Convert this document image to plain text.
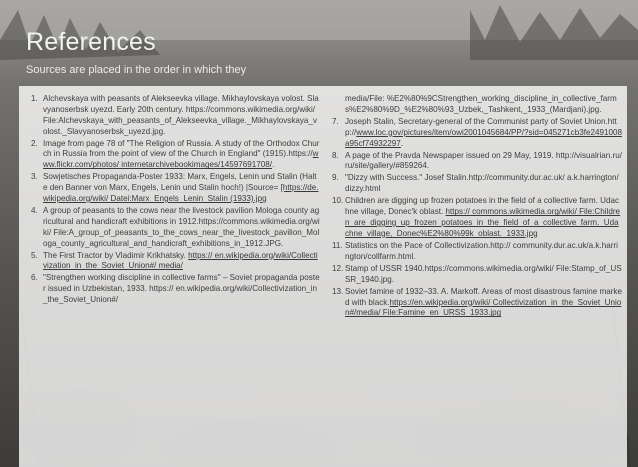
References

Sources are placed in the order in which they

1. Alchevskaya with peasants of Alekseevka village. Mikhaylovskaya volost. Slavyanoserbsk uyezd. Early 20th century. https://commons.wikimedia.org/wiki/ File:Alchevskaya_with_peasants_of_Alekseevka_village._Mikhaylovskaya_volost._Slavyanoserbsk_uyezd.jpg.
2. Image from page 78 of "The Religion of Russia. A study of the Orthodox Church in Russia from the point of view of the Church in England" (1915).https://www.flickr.com/photos/ internetarchivebookimages/14597691708/.
3. Sowjetisches Propaganda-Poster 1933: Marx, Engels, Lenin und Stalin (Halte den Banner von Marx, Engels, Lenin und Stalin hoch!) |Source= [https://de.wikipedia.org/wiki/ Datei:Marx_Engels_Lenin_Stalin (1933).jpg
4. A group of peasants to the cows near the livestock pavilion Mologa county agricultural and handicraft exhibitions in 1912.https://commons.wikimedia.org/wiki/ File:A_group_of_peasants_to_the_cows_near_the_livestock_pavilion_Mologa_county_agricultural_and_handicraft_exhibitions_in_1912.JPG.
5. The First Tractor by Vladimir Krikhatsky. https:// en.wikipedia.org/wiki/Collectivization_in_the_Soviet_Union#/ media/
6. "Strengthen working discipline in collective farms" – Soviet propaganda poster issued in Uzbekistan, 1933. https:// en.wikipedia.org/wiki/Collectivization_in_the_Soviet_Union#/
media/File: %E2%80%9CStrengthen_working_discipline_in_collective_farms%E2%80%9D_%E2%80%93_Uzbek,_Tashkent,_1933_(Mardjani).jpg.
7. Joseph Stalin, Secretary-general of the Communist party of Soviet Union.http://www.loc.gov/pictures/item/owi2001045684/PP/?sid=045271cb3fe2491008a95cf74932297.
8. A page of the Pravda Newspaper issued on 29 May, 1919. http://visualrian.ru/ru/site/gallery/#859264.
9. "Dizzy with Success." Josef Stalin.http://community.dur.ac.uk/ a.k.harrington/dizzy.html
10. Children are digging up frozen potatoes in the field of a collective farm. Udachne village, Donec'k oblast. https:// commons.wikimedia.org/wiki/ File:Children_are_digging_up_frozen_potatoes_in_the_field_of_a_collective_farm._Udachne_village,_Donec%E2%80%99k_oblast._1933.jpg
11. Statistics on the Pace of Collectivization.http:// community.dur.ac.uk/a.k.harrington/collfarm.html.
12. Stamp of USSR 1940.https://commons.wikimedia.org/wiki/ File:Stamp_of_USSR_1940.jpg.
13. Soviet famine of 1932–33. A. Markoff. Areas of most disastrous famine marked with black.https://en.wikipedia.org/wiki/ Collectivization_in_the_Soviet_Union#/media/ File:Famine_en_URSS_1933.jpg
